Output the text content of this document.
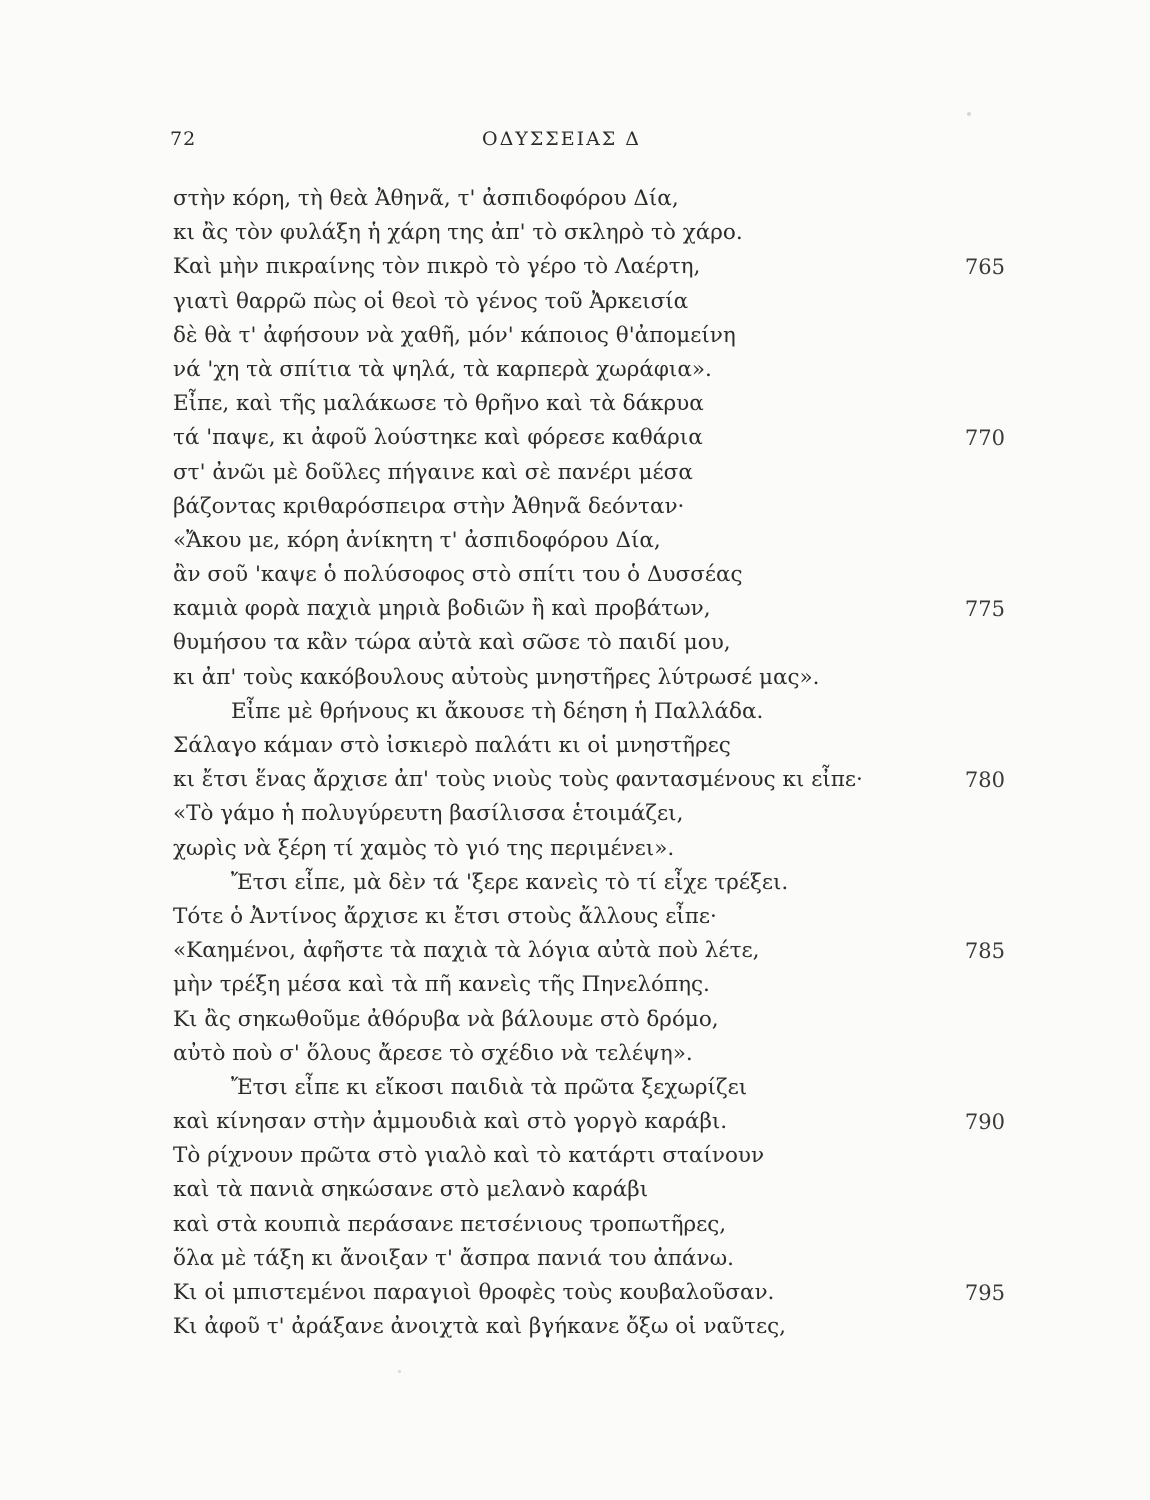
72	ΟΔΥΣΣΕΙΑΣ Δ
στὴν κόρη, τὴ θεὰ Ἀθηνᾶ, τ' ἀσπιδοφόρου Δία,
κι ἂς τὸν φυλάξη ἡ χάρη της ἀπ' τὸ σκληρὸ τὸ χάρο.
Καὶ μὴν πικραίνης τὸν πικρὸ τὸ γέρο τὸ Λαέρτη,	765
γιατὶ θαρρῶ πὼς οἱ θεοὶ τὸ γένος τοῦ Ἀρκεισία
δὲ θὰ τ' ἀφήσουν νὰ χαθῆ, μόν' κάποιος θ'ἀπομείνη
νά 'χη τὰ σπίτια τὰ ψηλά, τὰ καρπερὰ χωράφια».
Εἶπε, καὶ τῆς μαλάκωσε τὸ θρῆνο καὶ τὰ δάκρυα
τά 'παψε, κι ἀφοῦ λούστηκε καὶ φόρεσε καθάρια	770
στ' ἀνῶι μὲ δοῦλες πήγαινε καὶ σὲ πανέρι μέσα
βάζοντας κριθαρόσπειρα στὴν Ἀθηνᾶ δεόνταν·
«Ἄκου με, κόρη ἀνίκητη τ' ἀσπιδοφόρου Δία,
ἂν σοῦ 'καψε ὁ πολύσοφος στὸ σπίτι του ὁ Δυσσέας
καμιὰ φορὰ παχιὰ μηριὰ βοδιῶν ἢ καὶ προβάτων,	775
θυμήσου τα κἂν τώρα αὐτὰ καὶ σῶσε τὸ παιδί μου,
κι ἀπ' τοὺς κακόβουλους αὐτοὺς μνηστῆρες λύτρωσέ μας».
Εἶπε μὲ θρήνους κι ἄκουσε τὴ δέηση ἡ Παλλάδα.
Σάλαγο κάμαν στὸ ἰσκιερὸ παλάτι κι οἱ μνηστῆρες
κι ἔτσι ἕνας ἄρχισε ἀπ' τοὺς νιοὺς τοὺς φαντασμένους κι εἶπε·	780
«Τὸ γάμο ἡ πολυγύρευτη βασίλισσα ἑτοιμάζει,
χωρὶς νὰ ξέρη τί χαμὸς τὸ γιό της περιμένει».
Ἔτσι εἶπε, μὰ δὲν τά 'ξερε κανεὶς τὸ τί εἶχε τρέξει.
Τότε ὁ Ἀντίνος ἄρχισε κι ἔτσι στοὺς ἄλλους εἶπε·
«Καημένοι, ἀφῆστε τὰ παχιὰ τὰ λόγια αὐτὰ ποὺ λέτε,	785
μὴν τρέξη μέσα καὶ τὰ πῆ κανεὶς τῆς Πηνελόπης.
Κι ἂς σηκωθοῦμε ἀθόρυβα νὰ βάλουμε στὸ δρόμο,
αὐτὸ ποὺ σ' ὅλους ἄρεσε τὸ σχέδιο νὰ τελέψη».
Ἔτσι εἶπε κι εἴκοσι παιδιὰ τὰ πρῶτα ξεχωρίζει
καὶ κίνησαν στὴν ἀμμουδιὰ καὶ στὸ γοργὸ καράβι.	790
Τὸ ρίχνουν πρῶτα στὸ γιαλὸ καὶ τὸ κατάρτι σταίνουν
καὶ τὰ πανιὰ σηκώσανε στὸ μελανὸ καράβι
καὶ στὰ κουπιὰ περάσανε πετσένιους τροπωτῆρες,
ὅλα μὲ τάξη κι ἄνοιξαν τ' ἄσπρα πανιά του ἀπάνω.
Κι οἱ μπιστεμένοι παραγιοὶ θροφὲς τοὺς κουβαλοῦσαν.	795
Κι ἀφοῦ τ' ἀράξανε ἀνοιχτὰ καὶ βγήκανε ὄξω οἱ ναῦτες,
